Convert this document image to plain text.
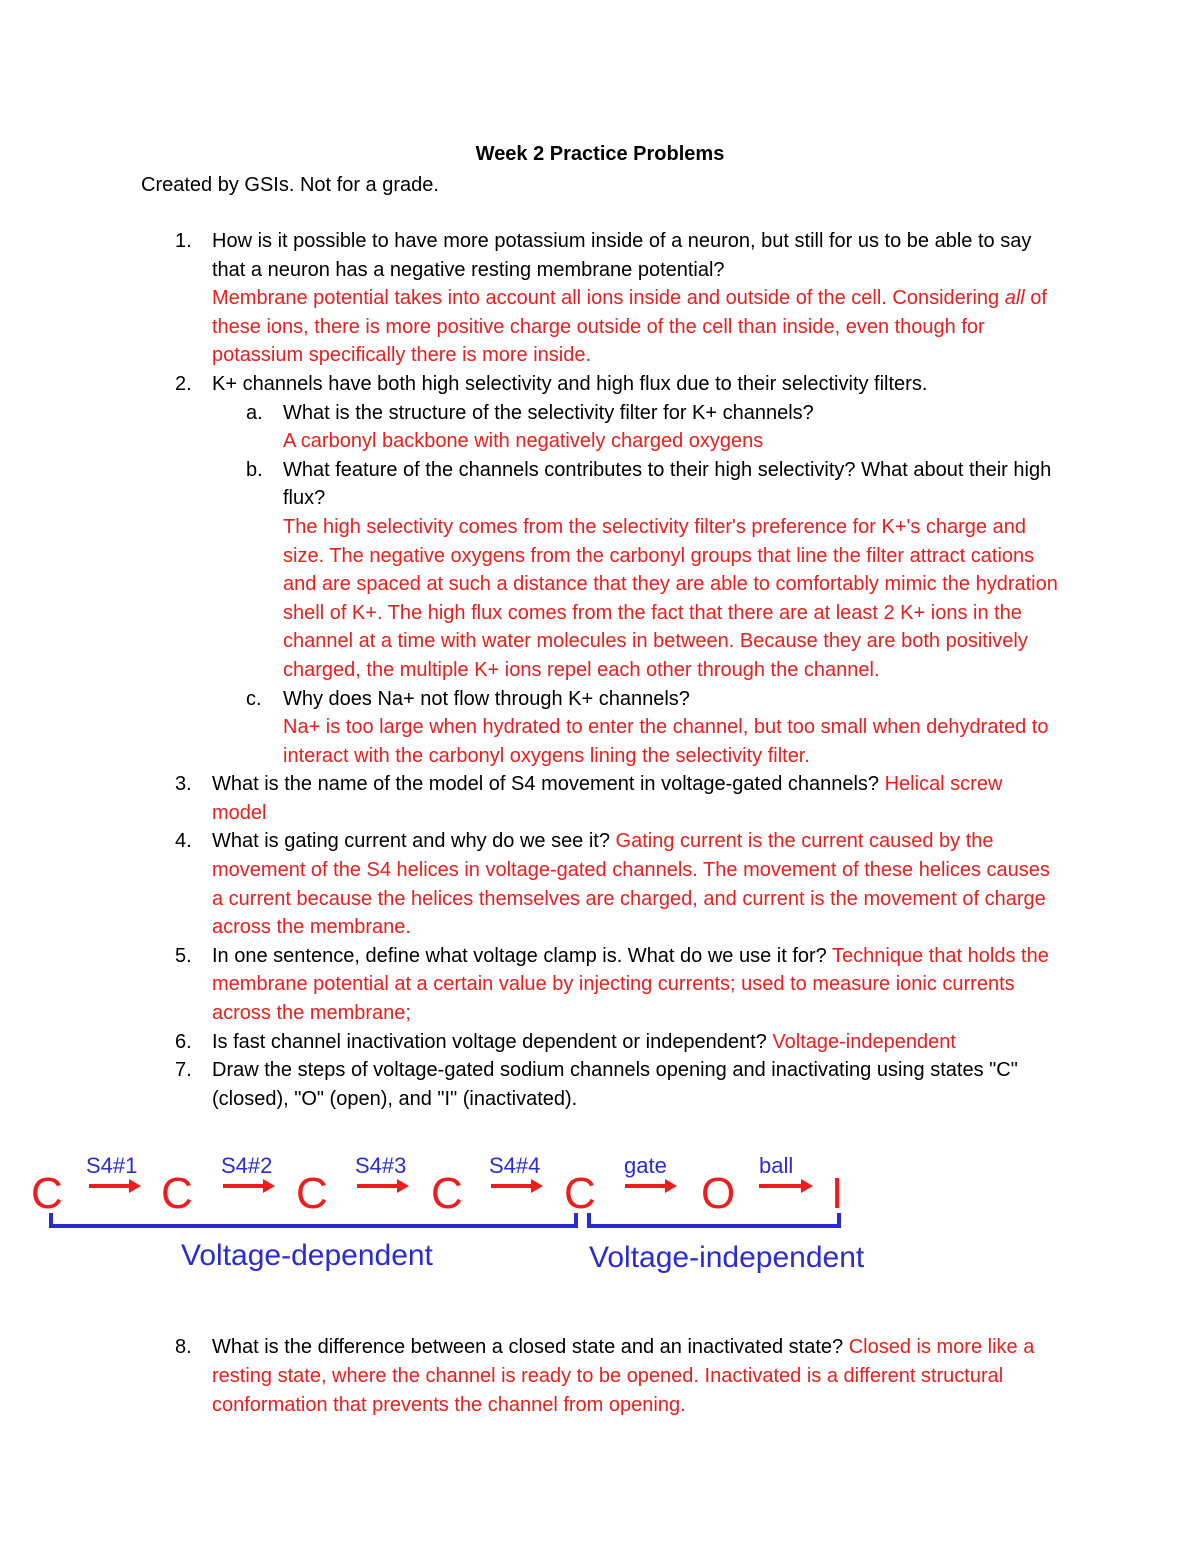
Week 2 Practice Problems
Created by GSIs. Not for a grade.
1. How is it possible to have more potassium inside of a neuron, but still for us to be able to say that a neuron has a negative resting membrane potential?
Membrane potential takes into account all ions inside and outside of the cell. Considering all of these ions, there is more positive charge outside of the cell than inside, even though for potassium specifically there is more inside.
2. K+ channels have both high selectivity and high flux due to their selectivity filters.
a. What is the structure of the selectivity filter for K+ channels?
A carbonyl backbone with negatively charged oxygens
b. What feature of the channels contributes to their high selectivity? What about their high flux?
The high selectivity comes from the selectivity filter's preference for K+'s charge and size. The negative oxygens from the carbonyl groups that line the filter attract cations and are spaced at such a distance that they are able to comfortably mimic the hydration shell of K+. The high flux comes from the fact that there are at least 2 K+ ions in the channel at a time with water molecules in between. Because they are both positively charged, the multiple K+ ions repel each other through the channel.
c. Why does Na+ not flow through K+ channels?
Na+ is too large when hydrated to enter the channel, but too small when dehydrated to interact with the carbonyl oxygens lining the selectivity filter.
3. What is the name of the model of S4 movement in voltage-gated channels? Helical screw model
4. What is gating current and why do we see it? Gating current is the current caused by the movement of the S4 helices in voltage-gated channels. The movement of these helices causes a current because the helices themselves are charged, and current is the movement of charge across the membrane.
5. In one sentence, define what voltage clamp is. What do we use it for? Technique that holds the membrane potential at a certain value by injecting currents; used to measure ionic currents across the membrane;
6. Is fast channel inactivation voltage dependent or independent? Voltage-independent
7. Draw the steps of voltage-gated sodium channels opening and inactivating using states "C" (closed), "O" (open), and "I" (inactivated).
C C C C C O I
S4#1	S4#2	S4#3	S4#4	gate	ball
Voltage-dependent	Voltage-independent
8. What is the difference between a closed state and an inactivated state? Closed is more like a resting state, where the channel is ready to be opened. Inactivated is a different structural conformation that prevents the channel from opening.
